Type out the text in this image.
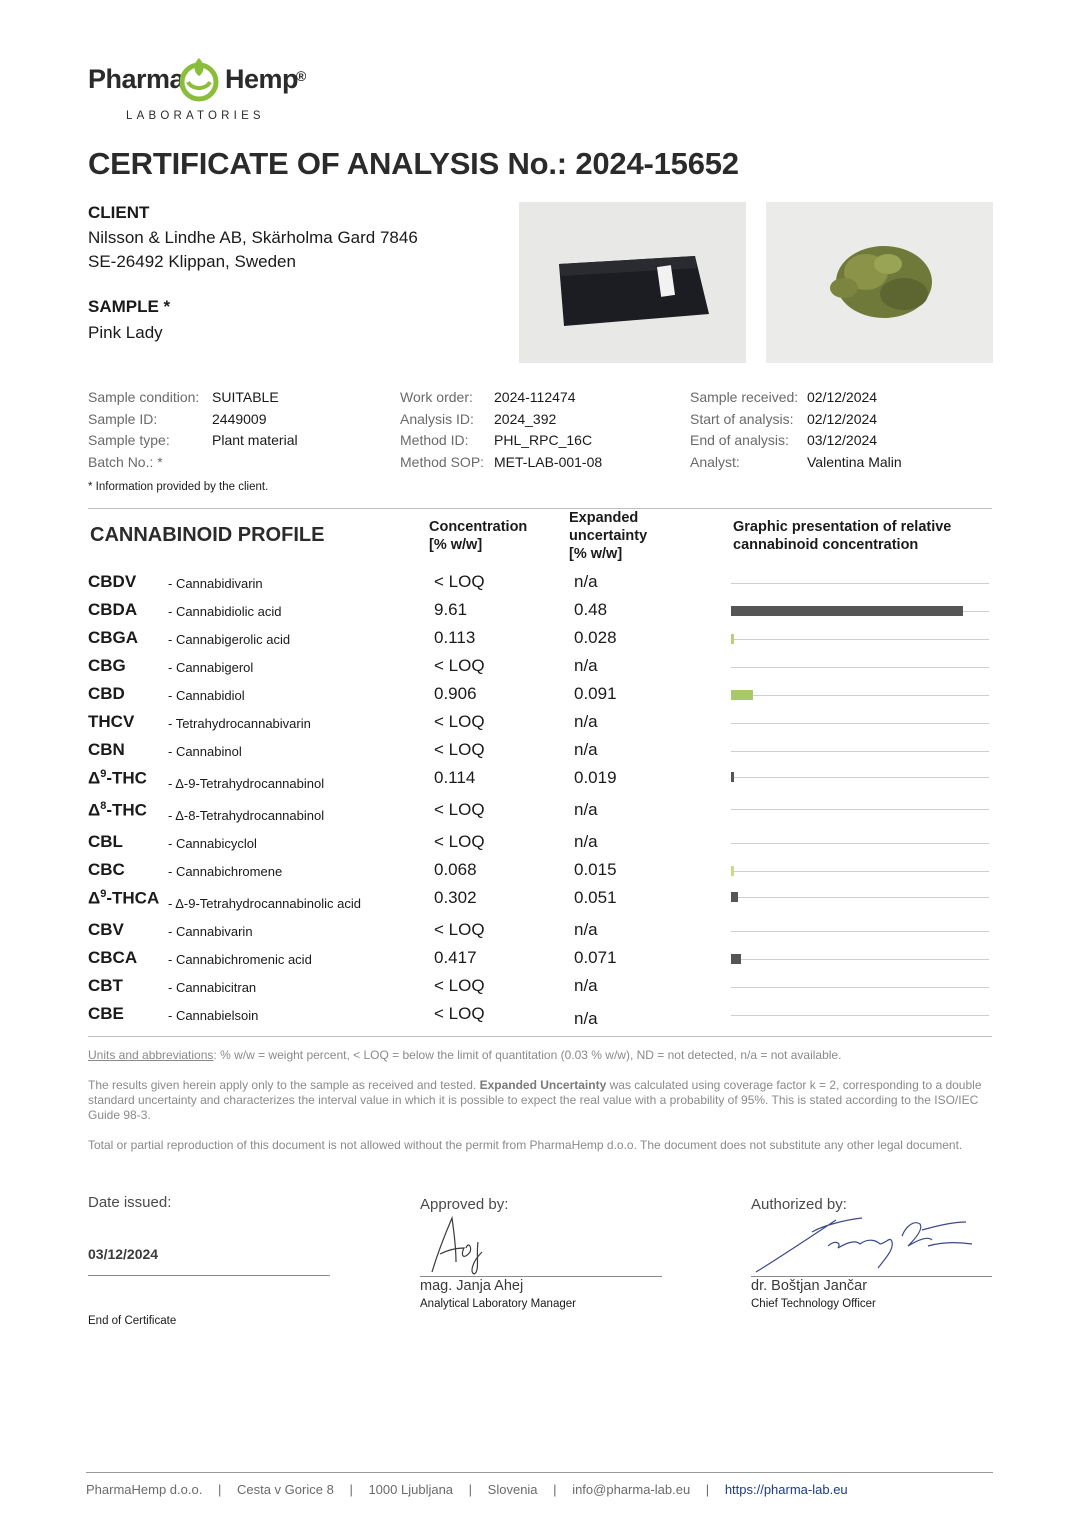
Pharma Hemp
®
LABORATORIES
CERTIFICATE OF ANALYSIS No.: 2024-15652
CLIENT
Nilsson & Lindhe AB, Skärholma Gard 7846
SE-26492 Klippan, Sweden
SAMPLE *
Pink Lady
Sample condition: SUITABLE
Sample ID:	2449009
Sample type:	Plant material
Batch No.: *
Work order:	2024-112474
Analysis ID:	2024_392
Method ID:	PHL_RPC_16C
Method SOP: MET-LAB-001-08
Sample received: 02/12/2024
Start of analysis: 02/12/2024
End of analysis:	03/12/2024
Analyst:	Valentina Malin
* Information provided by the client.
CANNABINOID PROFILE	Concentration
[% w/w]
Expanded
uncertainty
[% w/w]
Graphic presentation of relative
cannabinoid concentration
CBDV - Cannabidivarin	< LOQ	n/a
CBDA - Cannabidiolic acid	9.61	0.48
CBGA - Cannabigerolic acid	0.113	0.028
CBG	- Cannabigerol	< LOQ	n/a
CBD	- Cannabidiol	0.906	0.091
THCV	- Tetrahydrocannabivarin	< LOQ	n/a
CBN	- Cannabinol	< LOQ	n/a
$\Delta^9$-THC - Δ-9-Tetrahydrocannabinol	0.114	0.019
$\Delta^8$-THC - Δ-8-Tetrahydrocannabinol	< LOQ	n/a
CBL	- Cannabicyclol	< LOQ	n/a
CBC	- Cannabichromene	0.068	0.015
$\Delta^9$-THCA - Δ-9-Tetrahydrocannabinolic acid	0.302	0.051
CBV	- Cannabivarin	< LOQ	n/a
CBCA - Cannabichromenic acid	0.417	0.071
CBT	- Cannabicitran	< LOQ	n/a
CBE	- Cannabielsoin	< LOQ	n/a
Units and abbreviations: % w/w = weight percent, < LOQ = below the limit of quantitation (0.03 % w/w), ND = not detected, n/a = not available.
The results given herein apply only to the sample as received and tested. Expanded Uncertainty was calculated using coverage factor k = 2, corresponding to a double standard uncertainty and characterizes the interval value in which it is possible to expect the real value with a probability of 95%. This is stated according to the ISO/IEC Guide 98-3.
Total or partial reproduction of this document is not allowed without the permit from PharmaHemp d.o.o. The document does not substitute any other legal document.
Date issued:
03/12/2024
Approved by:
mag. Janja Ahej
Analytical Laboratory Manager
Authorized by:
dr. Boštjan Jančar
Chief Technology Officer
End of Certificate
PharmaHemp d.o.o. | Cesta v Gorice 8 | 1000 Ljubljana | Slovenia | info@pharma-lab.eu | https://pharma-lab.eu
